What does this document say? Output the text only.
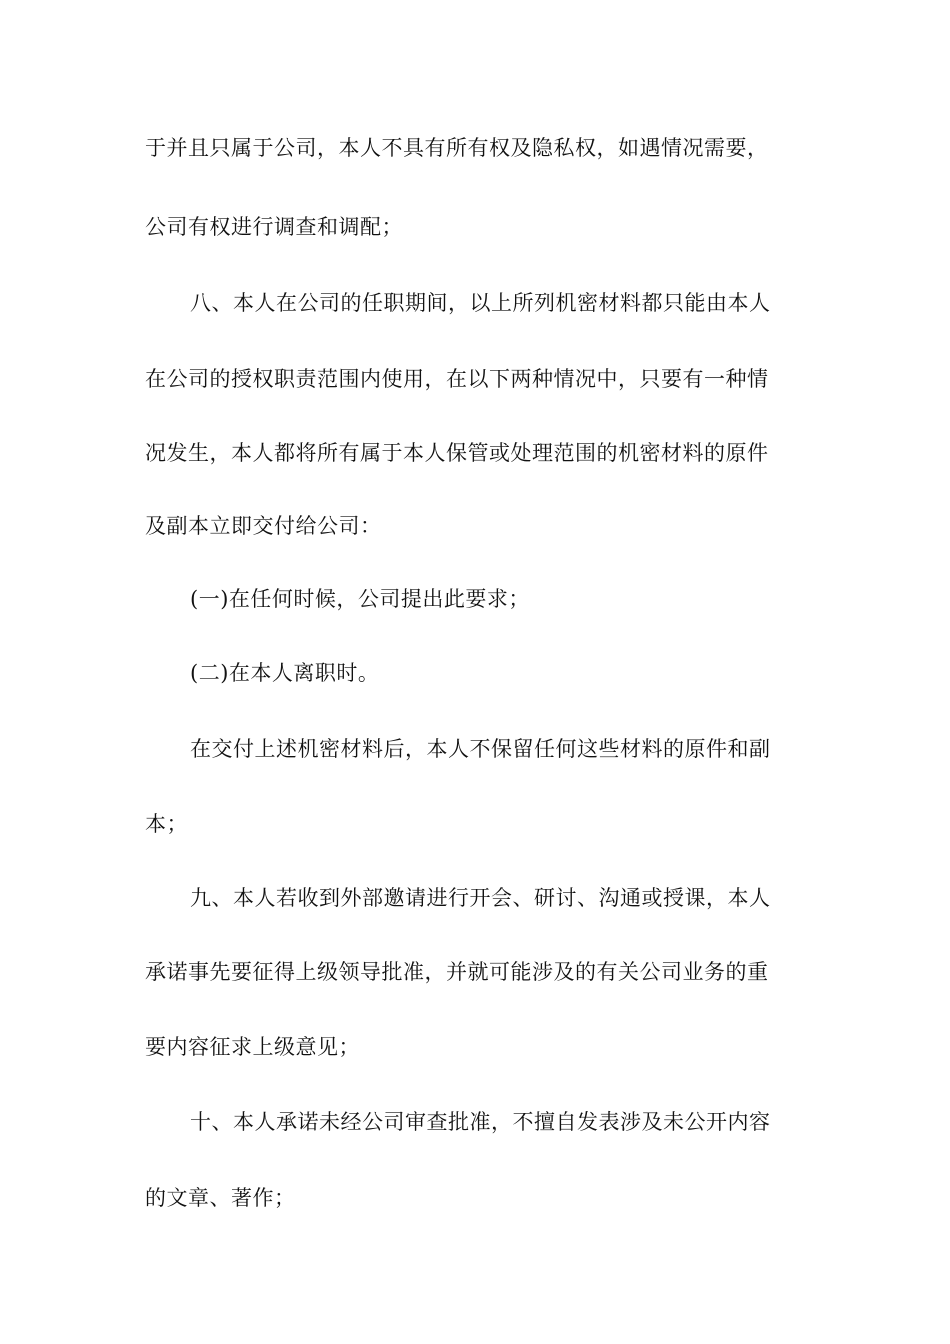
于并且只属于公司，本人不具有所有权及隐私权，如遇情况需要，
公司有权进行调查和调配；
八、本人在公司的任职期间，以上所列机密材料都只能由本人
在公司的授权职责范围内使用，在以下两种情况中，只要有一种情
况发生，本人都将所有属于本人保管或处理范围的机密材料的原件
及副本立即交付给公司：
(一)在任何时候，公司提出此要求；
(二)在本人离职时。
在交付上述机密材料后，本人不保留任何这些材料的原件和副
本；
九、本人若收到外部邀请进行开会、研讨、沟通或授课，本人
承诺事先要征得上级领导批准，并就可能涉及的有关公司业务的重
要内容征求上级意见；
十、本人承诺未经公司审查批准，不擅自发表涉及未公开内容
的文章、著作；
